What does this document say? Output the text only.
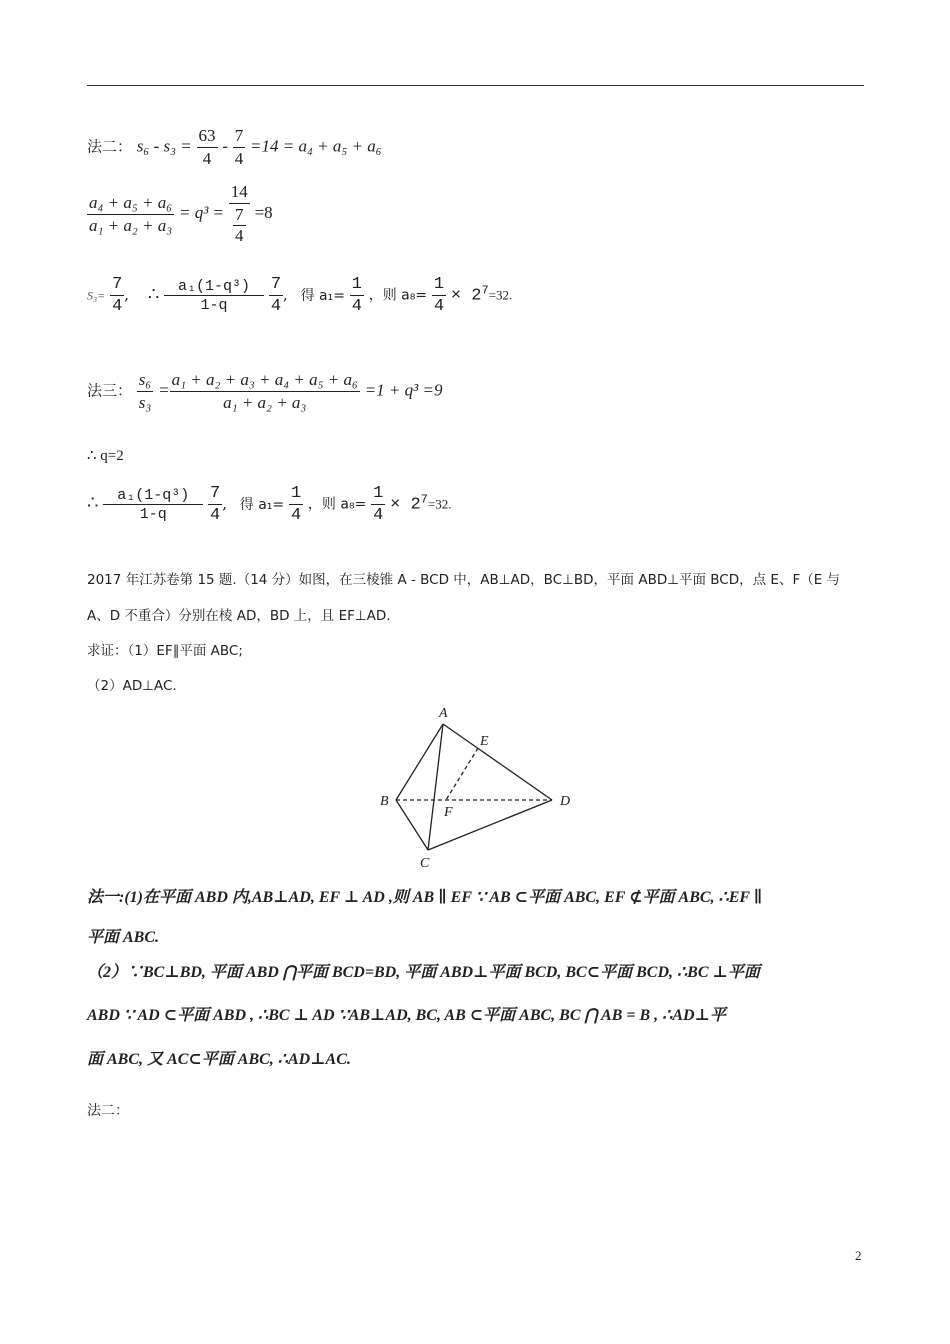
法二： $s_6 - s_3 = \frac{63}{4} - \frac{7}{4} =14 = a_4 + a_5 + a_6$
$\frac{\text{a₄ + a₅ + a₆}}{\text{a₁ + a₂ + a₃}} = q^3 = 14$
7
4 =8
$S_3= \frac{7}{4}$ , ∴ $\frac{\text{a₁(1-q³)}}{1-q}$
$\frac{7}{4}$ , 得 $a_1= \frac{1}{4}$ ，则 $a_8= \frac{1}{4} \times 2^7=32$.
法三： $\frac{\text{s₆}}{\text{s₃}} = \frac{\text{a₁ + a₂ + a₃ + a₄ + a₅ + a₆}}{\text{a₁ + a₂ + a₃}} =1 + q^3 =9$
∴ q=2
∴ $\frac{\text{a₁(1-q³)}}{1-q}$
$\frac{7}{4}$ , 得 $a_1= \frac{1}{4}$ ，则 $a_8= \frac{1}{4} \times 2^7=32$.
2017 年江苏卷第 15 题.（14 分）如图，在三棱锥 A - BCD 中，AB⊥AD，BC⊥BD，平面 ABD⊥平面 BCD，点 E、F（E 与
A、D 不重合）分别在棱 AD，BD 上，且 EF⊥AD.
求证：（1）EF∥平面 ABC;
（2）AD⊥AC.
A
B
C
D
E
F
法一:(1)在平面 ABD 内,AB⊥AD, EF ⊥ AD ,则 AB ∥ EF ∵ AB ⊂平面 ABC, EF ⊄平面 ABC, ∴EF ∥
平面 ABC.
（2）∵BC⊥BD, 平面 ABD ⋂平面 BCD=BD, 平面 ABD⊥平面 BCD, BC⊂平面 BCD, ∴BC ⊥平面
ABD ∵ AD ⊂平面 ABD , ∴BC ⊥ AD ∵AB⊥AD, BC, AB ⊂平面 ABC, BC ⋂ AB = B , ∴AD⊥平
面 ABC, 又 AC⊂平面 ABC, ∴AD⊥AC.
法二：
2
